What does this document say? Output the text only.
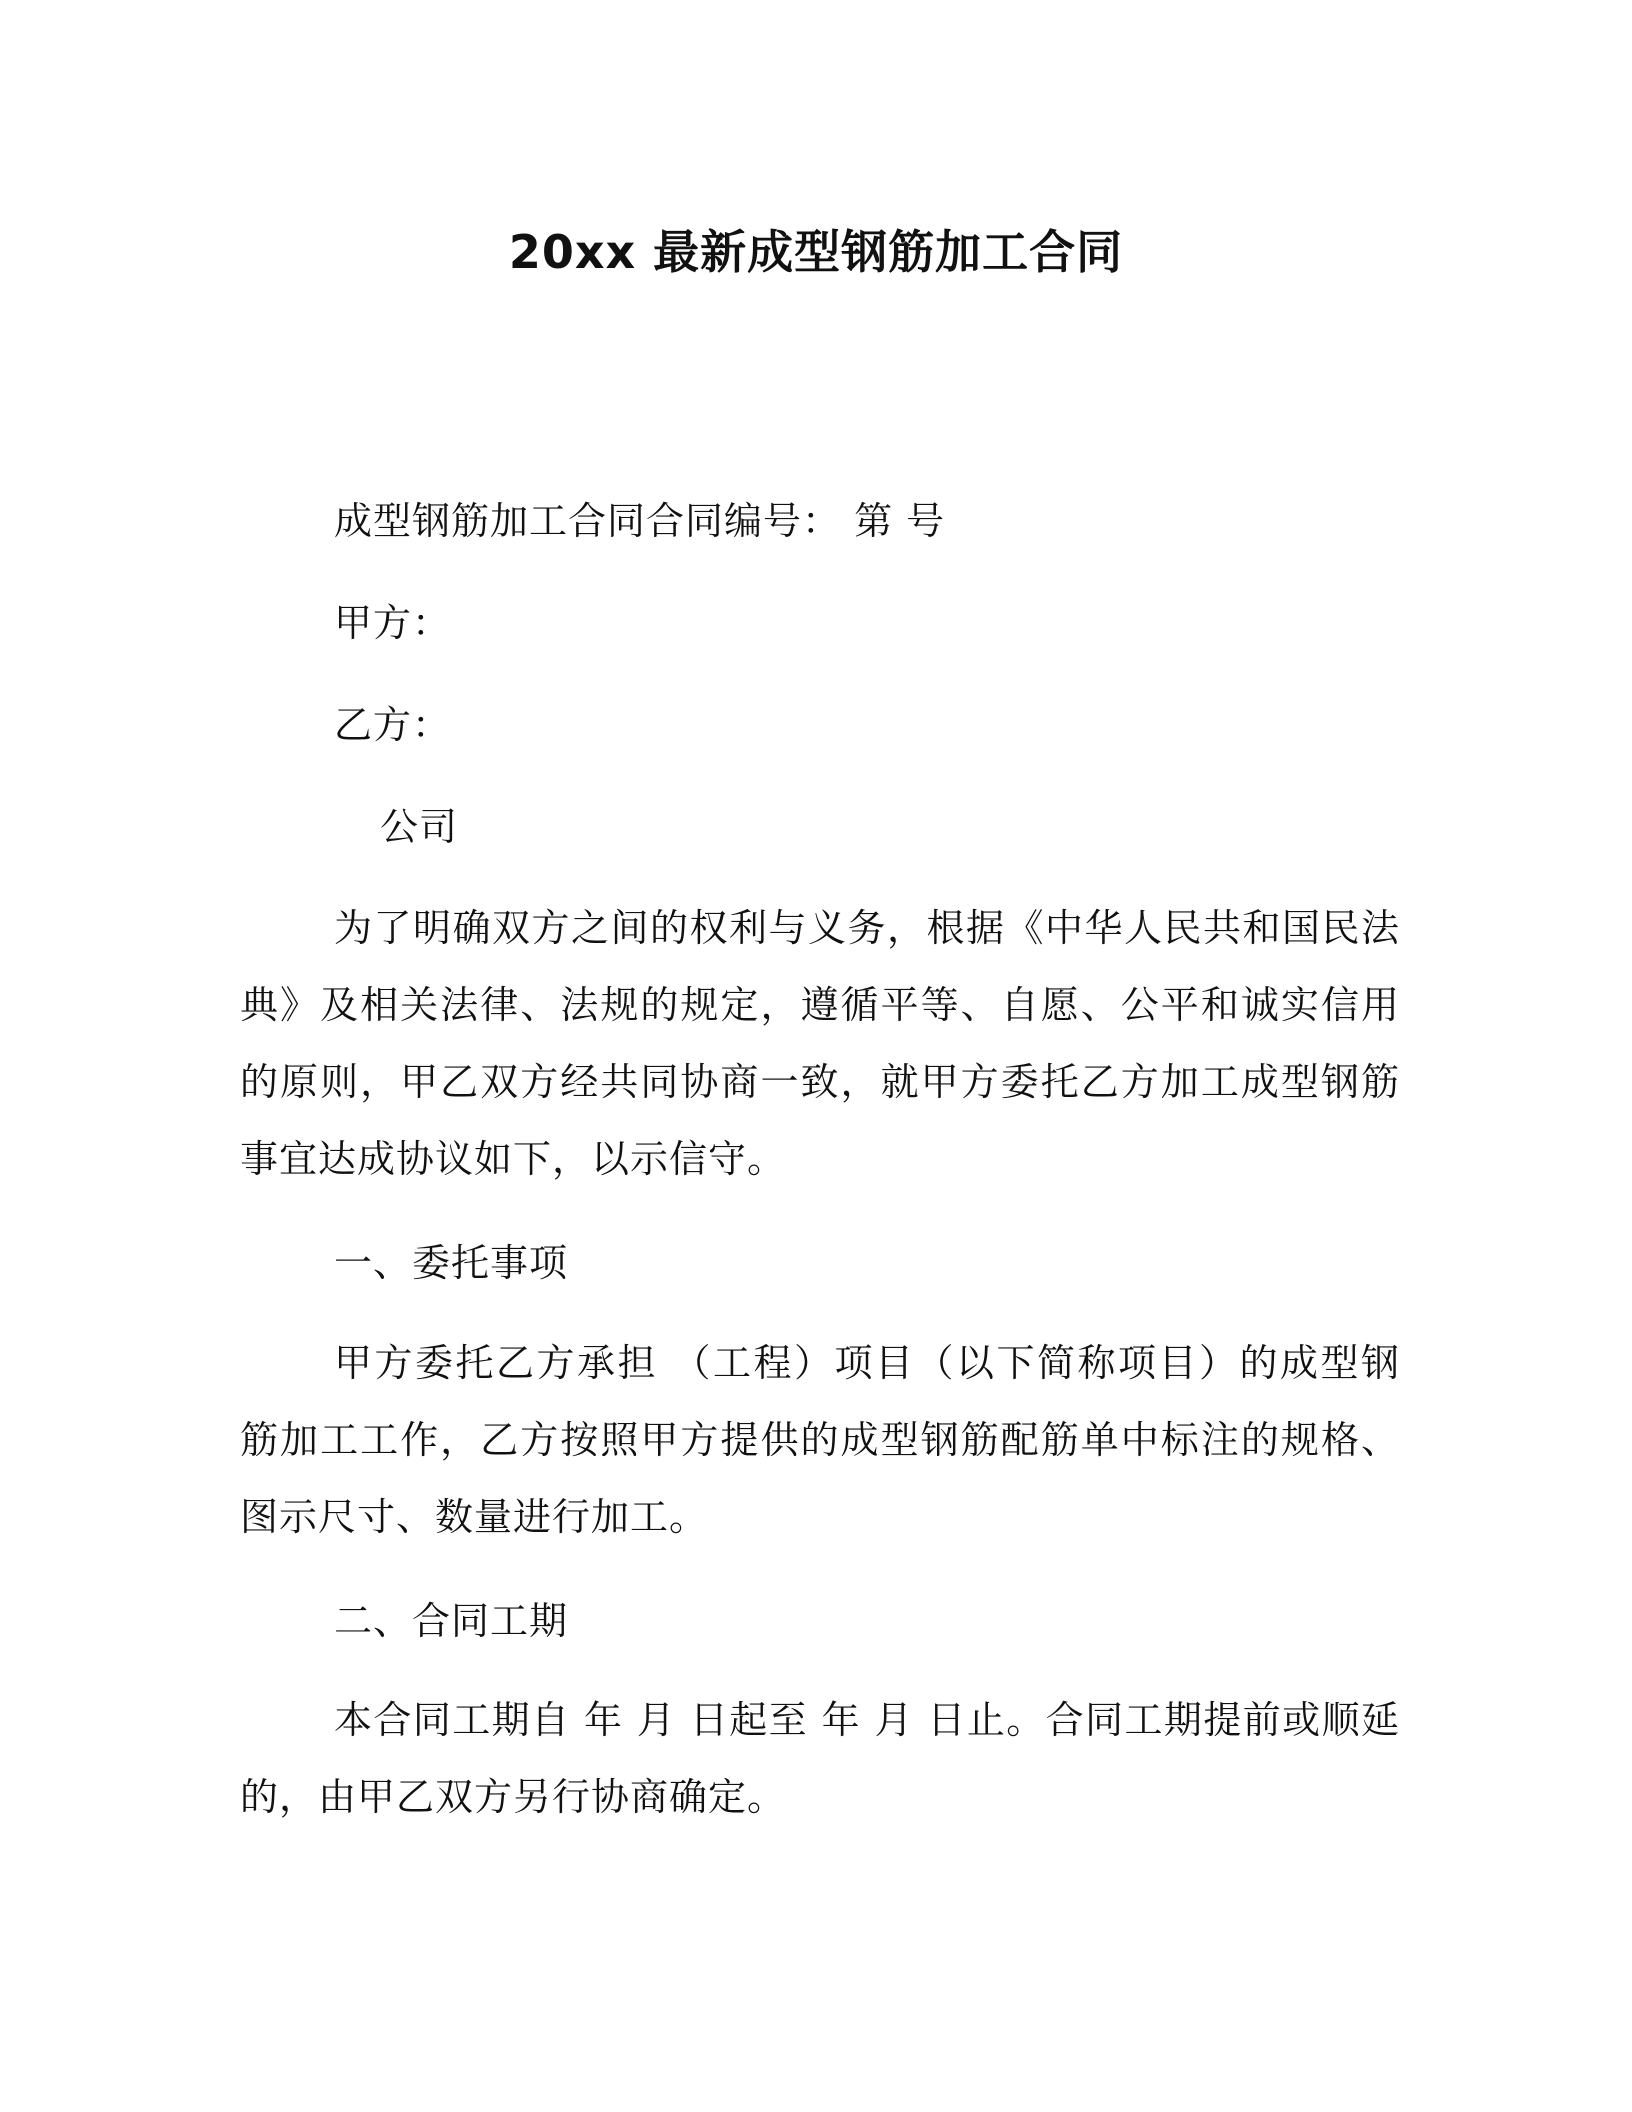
20xx 最新成型钢筋加工合同
成型钢筋加工合同合同编号： 第 号
甲方：
乙方：
公司
为了明确双方之间的权利与义务，根据《中华人民共和国民法典》及相关法律、法规的规定，遵循平等、自愿、公平和诚实信用的原则，甲乙双方经共同协商一致，就甲方委托乙方加工成型钢筋事宜达成协议如下，以示信守。
一、委托事项
甲方委托乙方承担 （工程）项目（以下简称项目）的成型钢筋加工工作，乙方按照甲方提供的成型钢筋配筋单中标注的规格、图示尺寸、数量进行加工。
二、合同工期
本合同工期自 年 月 日起至 年 月 日止。合同工期提前或顺延的，由甲乙双方另行协商确定。
